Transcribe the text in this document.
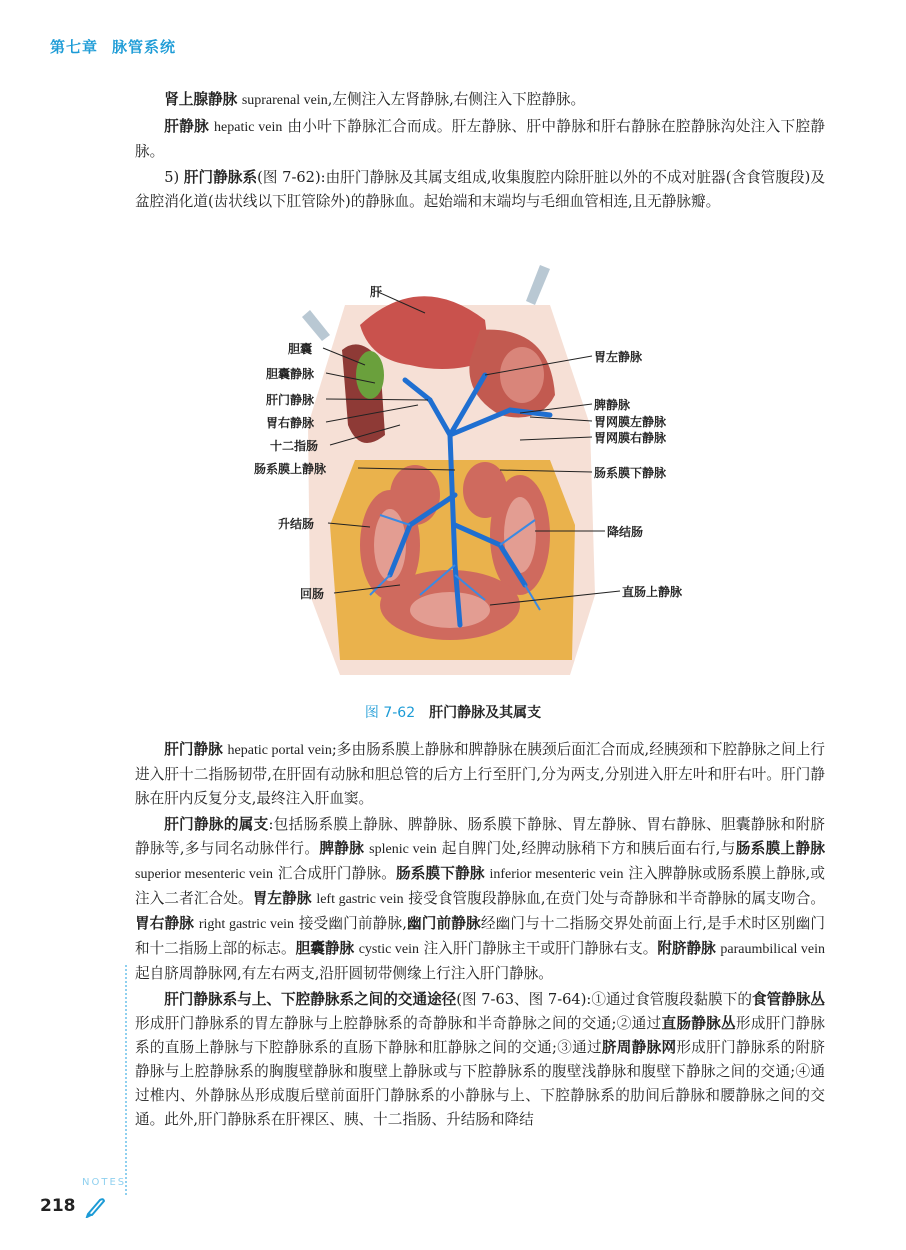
第七章 脉管系统

肾上腺静脉 suprarenal vein,左侧注入左肾静脉,右侧注入下腔静脉。

肝静脉 hepatic vein 由小叶下静脉汇合而成。肝左静脉、肝中静脉和肝右静脉在腔静脉沟处注入下腔静脉。

5) 肝门静脉系(图 7-62):由肝门静脉及其属支组成,收集腹腔内除肝脏以外的不成对脏器(含食管腹段)及盆腔消化道(齿状线以下肛管除外)的静脉血。起始端和末端均与毛细血管相连,且无静脉瓣。

肝
胆囊
胆囊静脉
肝门静脉
胃右静脉
十二指肠
肠系膜上静脉
升结肠
回肠
胃左静脉
脾静脉
胃网膜左静脉
胃网膜右静脉
肠系膜下静脉
降结肠
直肠上静脉
图 7-62 肝门静脉及其属支

肝门静脉 hepatic portal vein;多由肠系膜上静脉和脾静脉在胰颈后面汇合而成,经胰颈和下腔静脉之间上行进入肝十二指肠韧带,在肝固有动脉和胆总管的后方上行至肝门,分为两支,分别进入肝左叶和肝右叶。肝门静脉在肝内反复分支,最终注入肝血窦。

肝门静脉的属支:包括肠系膜上静脉、脾静脉、肠系膜下静脉、胃左静脉、胃右静脉、胆囊静脉和附脐静脉等,多与同名动脉伴行。脾静脉 splenic vein 起自脾门处,经脾动脉稍下方和胰后面右行,与肠系膜上静脉 superior mesenteric vein 汇合成肝门静脉。肠系膜下静脉 inferior mesenteric vein 注入脾静脉或肠系膜上静脉,或注入二者汇合处。胃左静脉 left gastric vein 接受食管腹段静脉血,在贲门处与奇静脉和半奇静脉的属支吻合。胃右静脉 right gastric vein 接受幽门前静脉,幽门前静脉经幽门与十二指肠交界处前面上行,是手术时区别幽门和十二指肠上部的标志。胆囊静脉 cystic vein 注入肝门静脉主干或肝门静脉右支。附脐静脉 paraumbilical vein 起自脐周静脉网,有左右两支,沿肝圆韧带侧缘上行注入肝门静脉。

肝门静脉系与上、下腔静脉系之间的交通途径(图 7-63、图 7-64):①通过食管腹段黏膜下的食管静脉丛形成肝门静脉系的胃左静脉与上腔静脉系的奇静脉和半奇静脉之间的交通;②通过直肠静脉丛形成肝门静脉系的直肠上静脉与下腔静脉系的直肠下静脉和肛静脉之间的交通;③通过脐周静脉网形成肝门静脉系的附脐静脉与上腔静脉系的胸腹壁静脉和腹壁上静脉或与下腔静脉系的腹壁浅静脉和腹壁下静脉之间的交通;④通过椎内、外静脉丛形成腹后壁前面肝门静脉系的小静脉与上、下腔静脉系的肋间后静脉和腰静脉之间的交通。此外,肝门静脉系在肝裸区、胰、十二指肠、升结肠和降结

NOTES
218
